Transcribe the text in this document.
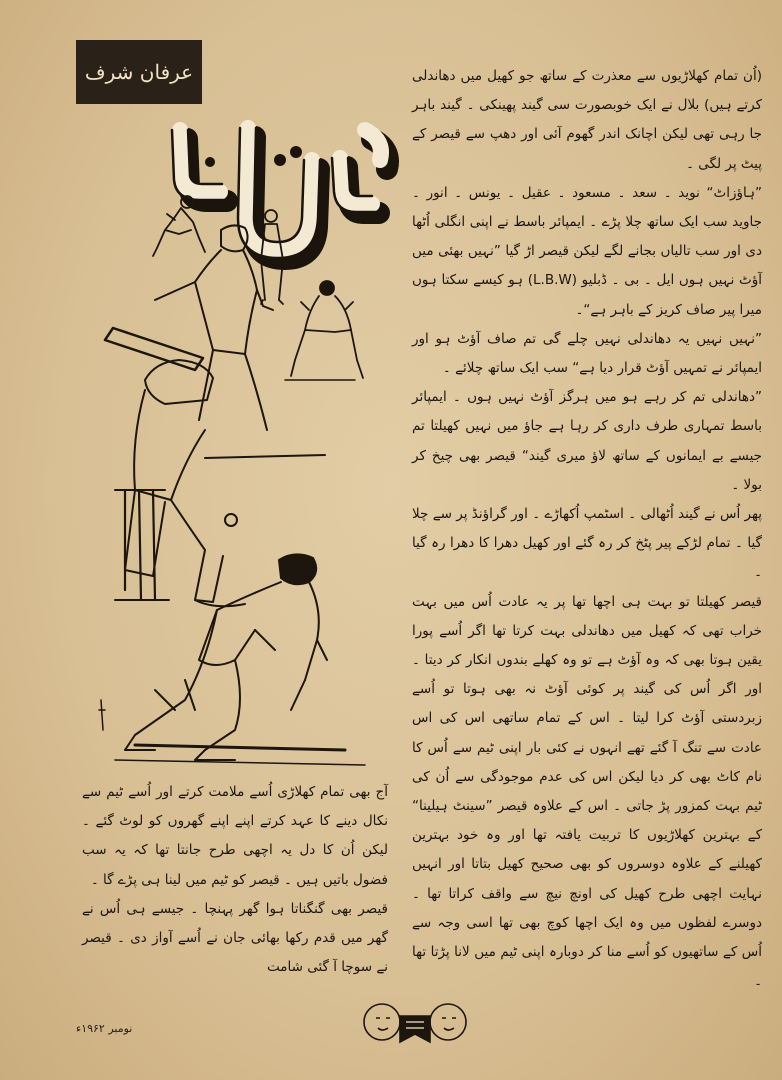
عرفان شرف	(اُن تمام کھلاڑیوں سے معذرت کے ساتھ جو کھیل میں دھاندلی کرتے ہیں) بلال نے ایک خوبصورت سی گیند پھینکی ۔ گیند باہر جا رہی تھی لیکن اچانک اندر گھوم آئی اور دھپ سے قیصر کے پیٹ پر لگی ۔

”ہاؤزاٹ“ نوید ۔ سعد ۔ مسعود ۔ عقیل ۔ یونس ۔ انور ۔ جاوید سب ایک ساتھ چلا پڑے ۔ ایمپائر باسط نے اپنی انگلی اُٹھا دی اور سب تالیاں بجانے لگے لیکن قیصر اڑ گیا ”نہیں بھئی میں آؤٹ نہیں ہوں ایل ۔ بی ۔ ڈبلیو (L.B.W) ہو کیسے سکتا ہوں میرا پیر صاف کریز کے باہر ہے“۔

”نہیں نہیں یہ دھاندلی نہیں چلے گی تم صاف آؤٹ ہو اور ایمپائر نے تمہیں آؤٹ قرار دیا ہے“ سب ایک ساتھ چلائے ۔

”دھاندلی تم کر رہے ہو میں ہرگز آؤٹ نہیں ہوں ۔ ایمپائر باسط تمہاری طرف داری کر رہا ہے جاؤ میں نہیں کھیلتا تم جیسے بے ایمانوں کے ساتھ لاؤ میری گیند“ قیصر بھی چیخ کر بولا ۔

پھر اُس نے گیند اُٹھالی ۔ اسٹمپ اُکھاڑے ۔ اور گراؤنڈ پر سے چلا گیا ۔ تمام لڑکے پیر پٹخ کر رہ گئے اور کھیل دھرا کا دھرا رہ گیا ۔

قیصر کھیلتا تو بہت ہی اچھا تھا پر یہ عادت اُس میں بہت خراب تھی کہ کھیل میں دھاندلی بہت کرتا تھا اگر اُسے پورا یقین ہوتا بھی کہ وہ آؤٹ ہے تو وہ کھلے بندوں انکار کر دیتا ۔ اور اگر اُس کی گیند پر کوئی آؤٹ نہ بھی ہوتا تو اُسے زبردستی آؤٹ کرا لیتا ۔ اس کے تمام ساتھی اس کی اس عادت سے تنگ آ گئے تھے انہوں نے کئی بار اپنی ٹیم سے اُس کا نام کاٹ بھی کر دیا لیکن اس کی عدم موجودگی سے اُن کی ٹیم بہت کمزور پڑ جاتی ۔ اس کے علاوہ قیصر ”سینٹ ہیلینا“ کے بہترین کھلاڑیوں کا تربیت یافتہ تھا اور وہ خود بہترین کھیلنے کے علاوہ دوسروں کو بھی صحیح کھیل بتاتا اور انہیں نہایت اچھی طرح کھیل کی اونچ نیچ سے واقف کراتا تھا ۔ دوسرے لفظوں میں وہ ایک اچھا کوچ بھی تھا اسی وجہ سے اُس کے ساتھیوں کو اُسے منا کر دوبارہ اپنی ٹیم میں لانا پڑتا تھا ۔

آج بھی تمام کھلاڑی اُسے ملامت کرتے اور اُسے ٹیم سے نکال دینے کا عہد کرتے اپنے اپنے گھروں کو لوٹ گئے ۔ لیکن اُن کا دل یہ اچھی طرح جانتا تھا کہ یہ سب فضول باتیں ہیں ۔ قیصر کو ٹیم میں لینا ہی پڑے گا ۔

قیصر بھی گنگناتا ہوا گھر پہنچا ۔ جیسے ہی اُس نے گھر میں قدم رکھا بھائی جان نے اُسے آواز دی ۔ قیصر نے سوچا آ گئی شامت

نومبر ۱۹۶۲ء
